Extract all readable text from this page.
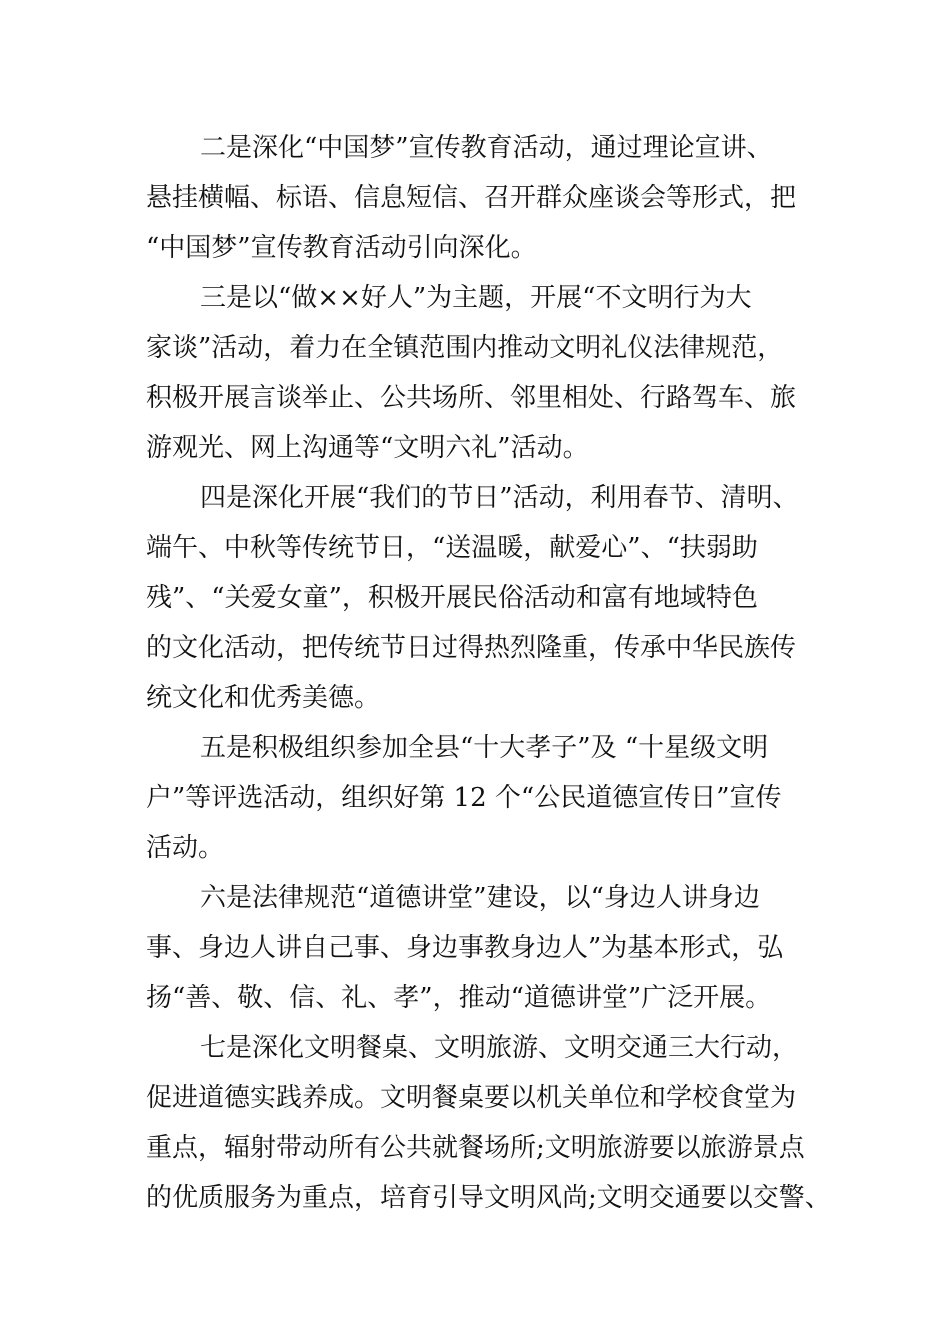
二是深化“中国梦”宣传教育活动，通过理论宣讲、
悬挂横幅、标语、信息短信、召开群众座谈会等形式，把
“中国梦”宣传教育活动引向深化。
三是以“做××好人”为主题，开展“不文明行为大
家谈”活动，着力在全镇范围内推动文明礼仪法律规范，
积极开展言谈举止、公共场所、邻里相处、行路驾车、旅
游观光、网上沟通等“文明六礼”活动。
四是深化开展“我们的节日”活动，利用春节、清明、
端午、中秋等传统节日，“送温暖，献爱心”、“扶弱助
残”、“关爱女童”，积极开展民俗活动和富有地域特色
的文化活动，把传统节日过得热烈隆重，传承中华民族传
统文化和优秀美德。
五是积极组织参加全县“十大孝子”及 “十星级文明
户”等评选活动，组织好第 12 个“公民道德宣传日”宣传
活动。
六是法律规范“道德讲堂”建设，以“身边人讲身边
事、身边人讲自己事、身边事教身边人”为基本形式，弘
扬“善、敬、信、礼、孝”，推动“道德讲堂”广泛开展。
七是深化文明餐桌、文明旅游、文明交通三大行动，
促进道德实践养成。文明餐桌要以机关单位和学校食堂为
重点，辐射带动所有公共就餐场所;文明旅游要以旅游景点
的优质服务为重点，培育引导文明风尚;文明交通要以交警、
